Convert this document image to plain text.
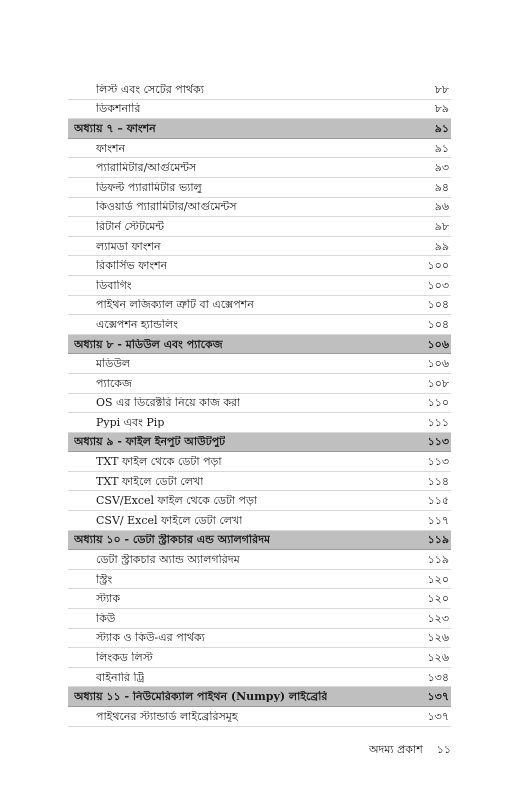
লিস্ট এবং সেটের পার্থক্য	৮৮
ডিকশনারি	৮৯
অধ্যায় ৭ – ফাংশন	৯১
ফাংশন	৯১
প্যারামিটার/আর্গুমেন্টস	৯৩
ডিফল্ট প্যারামিটার ভ্যালু	৯৪
কিওয়ার্ড প্যারামিটার/আর্গুমেন্টস	৯৬
রিটার্ন স্টেটমেন্ট	৯৮
ল্যামডা ফাংশন	৯৯
রিকার্সিভ ফাংশন	১০০
ডিবাগিং	১০৩
পাইথন লজিক্যাল ত্রুটি বা এক্সেপশন	১০৪
এক্সেপশন হ্যান্ডলিং	১০৪
অধ্যায় ৮ - মডিউল এবং প্যাকেজ	১০৬
মডিউল	১০৬
প্যাকেজ	১০৮
OS এর ডিরেক্টরি নিয়ে কাজ করা	১১০
Pypi এবং Pip	১১১
অধ্যায় ৯ - ফাইল ইনপুট আউটপুট	১১৩
TXT ফাইল থেকে ডেটা পড়া	১১৩
TXT ফাইলে ডেটা লেখা	১১৪
CSV/Excel ফাইল থেকে ডেটা পড়া	১১৫
CSV/ Excel ফাইলে ডেটা লেখা	১১৭
অধ্যায় ১০ - ডেটা স্ট্রাকচার এন্ড অ্যালগরিদম	১১৯
ডেটা স্ট্রাকচার অ্যান্ড অ্যালগরিদম	১১৯
স্ট্রিং	১২০
স্ট্যাক	১২০
কিউ	১২৩
স্ট্যাক ও কিউ-এর পার্থক্য	১২৬
লিংকড লিস্ট	১২৬
বাইনারি ট্রি	১৩৪
অধ্যায় ১১ - নিউমেরিক্যাল পাইথন (Numpy) লাইব্রেরি	১৩৭
পাইথনের স্ট্যান্ডার্ড লাইব্রেরিসমূহ	১৩৭
অদম্য প্রকাশ ১১
